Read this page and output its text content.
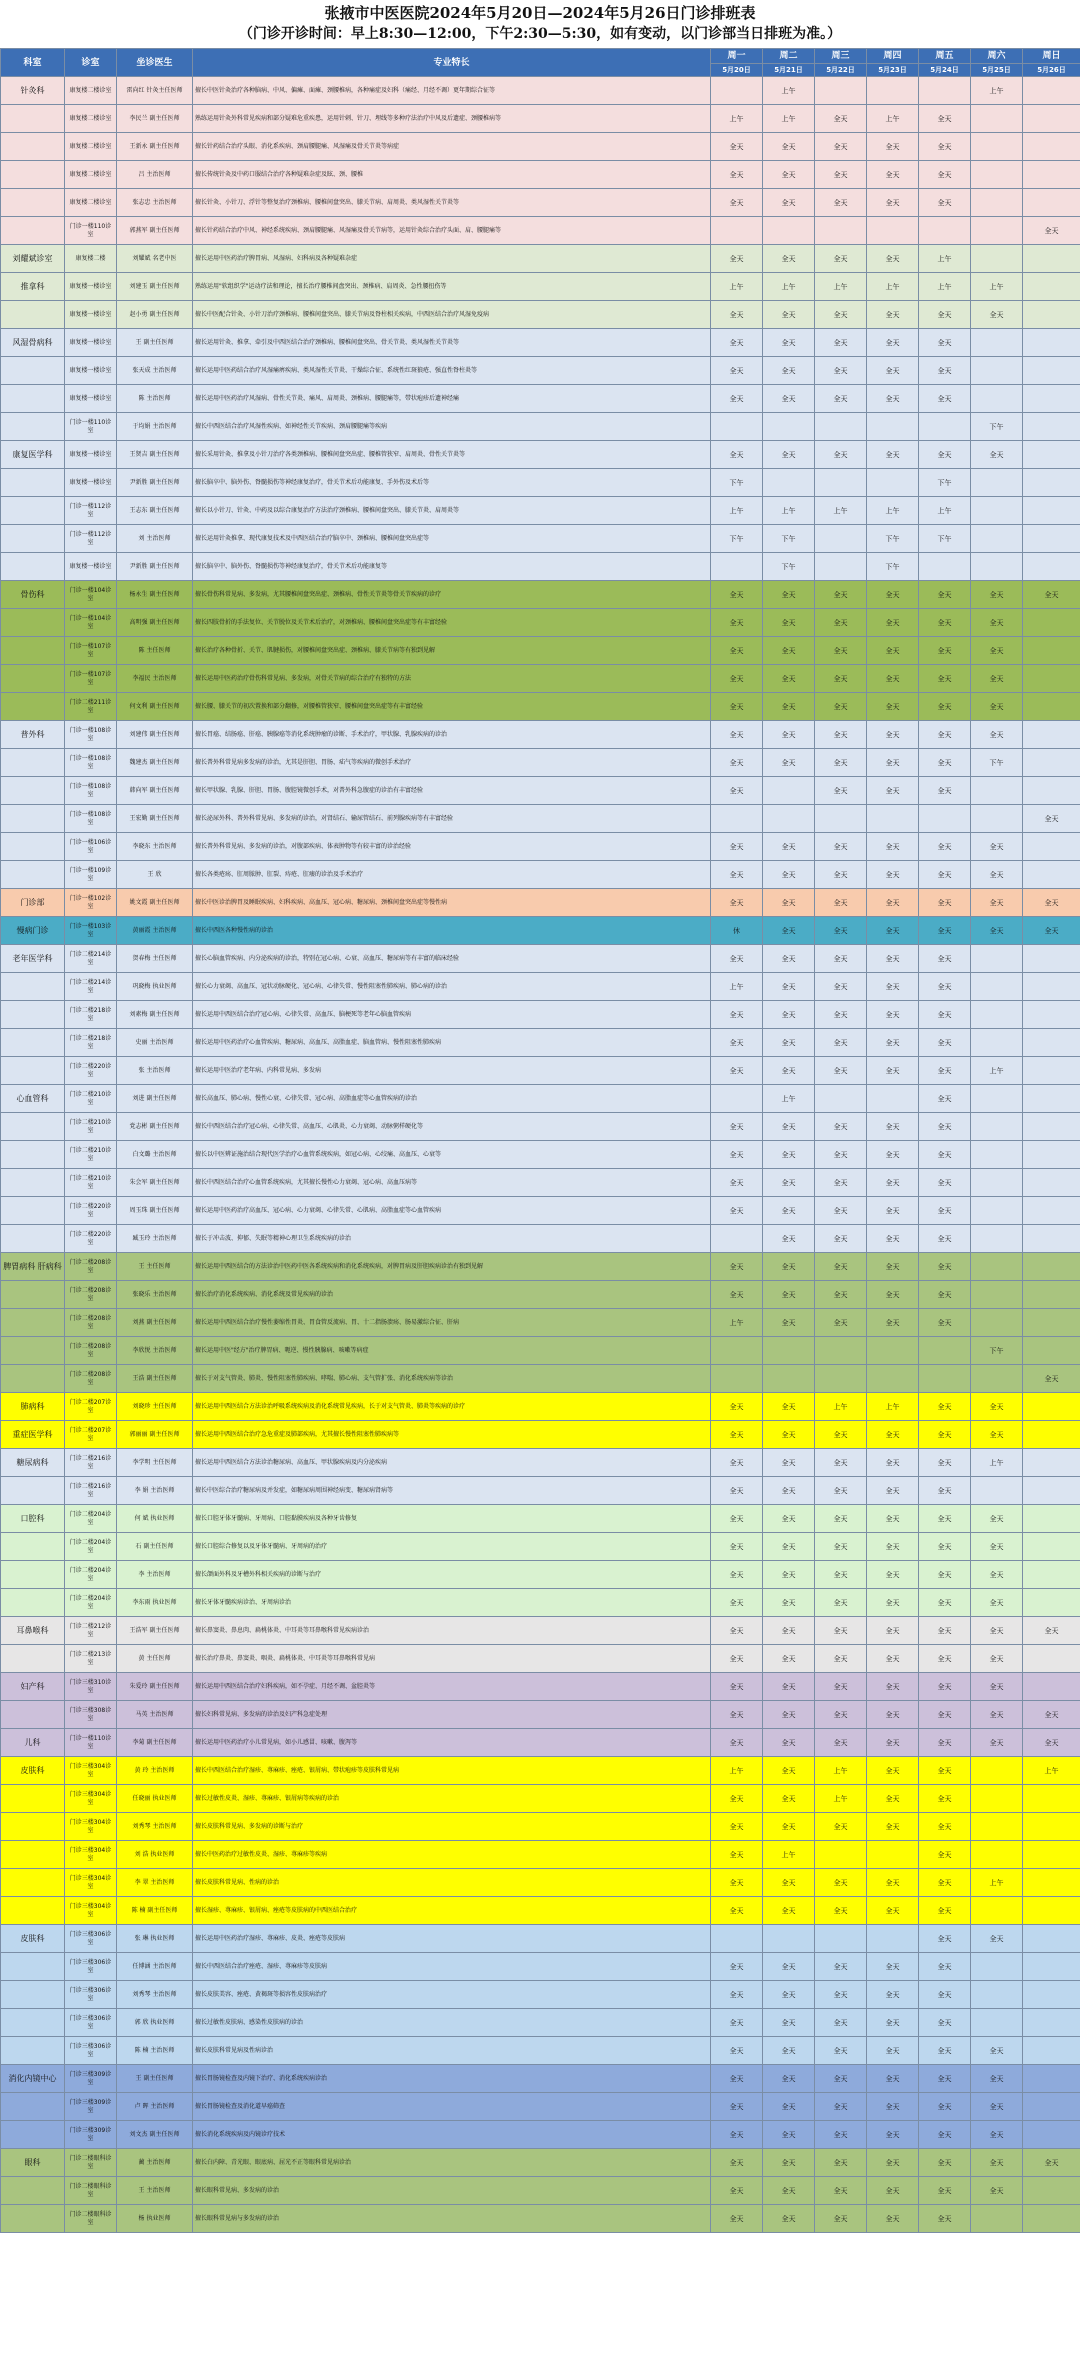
张掖市中医医院2024年5月20日—2024年5月26日门诊排班表
（门诊开诊时间：早上8:30—12:00，下午2:30—5:30，如有变动，以门诊部当日排班为准。）
科室	诊室	坐诊医生	专业特长	周一	周二	周三	周四	周五	周六	周日
				5月20日	5月21日	5月22日	5月23日	5月24日	5月25日	5月26日
针灸科	康复楼二楼诊室	雷向红 针灸主任医师	擅长中医针灸治疗各种脑病、中风、偏瘫、面瘫、颈腰椎病，各种痛症及妇科（痛经、月经不调）更年期综合征等		上午				上午	
	康复楼二楼诊室	李民兰 副主任医师	熟练运用针灸外科常见疾病和部分疑难危重疾患，运用针刺、针刀、埋线等多种疗法治疗中风及后遗症、颈腰椎病等	上午	上午	全天	上午	全天		
	康复楼二楼诊室	王新永 副主任医师	擅长针药结合治疗头眼、消化系疾病、颈肩腰腿痛、风湿痛及骨关节炎等病症	全天	全天	全天	全天	全天		
	康复楼二楼诊室	吕 主治医师	擅长传统针灸及中药口服结合治疗各种疑难杂症及眩、颈、腰椎	全天	全天	全天	全天	全天		
	康复楼二楼诊室	张志忠 主治医师	擅长针灸、小针刀、浮针等整复治疗颈椎病、腰椎间盘突出、膝关节病、肩周炎、类风湿性关节炎等	全天	全天	全天	全天	全天		
	门诊一楼110诊室	郭燕军 副主任医师	擅长针药结合治疗中风、神经系统疾病、颈肩腰腿痛、风湿痛及骨关节病等，运用针灸综合治疗头面、肩、腰腿痛等							全天
刘耀斌诊室	康复楼二楼	刘耀斌 名老中医	擅长运用中医药治疗脾胃病、风湿病、妇科病及各种疑难杂症	全天	全天	全天	全天	上午		
推拿科	康复楼一楼诊室	刘建玉 副主任医师	熟练运用"软组织学"运动疗法和理论，擅长治疗腰椎间盘突出、颈椎病、肩周炎、急性腰扭伤等	上午	上午	上午	上午	上午	上午	
	康复楼一楼诊室	赵小勇 副主任医师	擅长中医配合针灸、小针刀治疗颈椎病、腰椎间盘突出、膝关节病及脊柱相关疾病，中西医结合治疗风湿免疫病	全天	全天	全天	全天	全天	全天	
风湿骨病科	康复楼一楼诊室	王 副主任医师	擅长运用针灸、推拿、牵引及中西医结合治疗颈椎病、腰椎间盘突出、骨关节炎、类风湿性关节炎等	全天	全天	全天	全天	全天		
	康复楼一楼诊室	张天成 主治医师	擅长运用中医药结合治疗风湿痛痹疾病、类风湿性关节炎、干燥综合征、系统性红斑狼疮、强直性脊柱炎等	全天	全天	全天	全天	全天		
	康复楼一楼诊室	陈 主治医师	擅长运用中医药治疗风湿病、骨性关节炎、痛风、肩周炎、颈椎病、腰腿痛等，带状疱疹后遗神经痛	全天	全天	全天	全天	全天		
	门诊一楼110诊室	于均娟 主治医师	擅长中西医结合治疗风湿性疾病、如神经性关节疾病、颈肩腰腿痛等疾病						下午	
康复医学科	康复楼一楼诊室	王贤吉 副主任医师	擅长采用针灸、推拿及小针刀治疗各类颈椎病、腰椎间盘突出症、腰椎管狭窄、肩周炎、骨性关节炎等	全天	全天	全天	全天	全天	全天	
	康复楼一楼诊室	尹新胜 副主任医师	擅长脑卒中、脑外伤、脊髓损伤等神经康复治疗，骨关节术后功能康复、手外伤及术后等	下午				下午		
	门诊一楼112诊室	王志东 副主任医师	擅长以小针刀、针灸、中药及以综合康复治疗方法治疗颈椎病、腰椎间盘突出、膝关节炎、肩周炎等	上午	上午	上午	上午	上午		
	门诊一楼112诊室	刘 主治医师	擅长运用针灸推拿、现代康复技术及中西医结合治疗脑卒中、颈椎病、腰椎间盘突出症等	下午	下午		下午	下午		
	康复楼一楼诊室	尹新胜 副主任医师	擅长脑卒中、脑外伤、脊髓损伤等神经康复治疗，骨关节术后功能康复等		下午		下午			
骨伤科	门诊一楼104诊室	杨永生 副主任医师	擅长骨伤科常见病、多发病，尤其腰椎间盘突出症、颈椎病、骨性关节炎等骨关节疾病的诊疗	全天	全天	全天	全天	全天	全天	全天
	门诊一楼104诊室	高明强 副主任医师	擅长四肢骨折的手法复位、关节脱位及关节术后治疗，对颈椎病、腰椎间盘突出症等有丰富经验	全天	全天	全天	全天	全天	全天	
	门诊一楼107诊室	陈 主任医师	擅长治疗各种骨折、关节、肌腱损伤，对腰椎间盘突出症、颈椎病、膝关节病等有独到见解	全天	全天	全天	全天	全天	全天	
	门诊一楼107诊室	李福民 主治医师	擅长运用中医药治疗骨伤科常见病、多发病，对骨关节病的综合治疗有独特的方法	全天	全天	全天	全天	全天	全天	
	门诊二楼211诊室	何文利 副主任医师	擅长腰、膝关节的初次置换和部分翻修，对腰椎管狭窄、腰椎间盘突出症等有丰富经验	全天	全天	全天	全天	全天	全天	
普外科	门诊一楼108诊室	刘建伟 副主任医师	擅长胃癌、结肠癌、肝癌、胰腺癌等消化系统肿瘤的诊断、手术治疗，甲状腺、乳腺疾病的诊治	全天	全天	全天	全天	全天	全天	
	门诊一楼108诊室	魏建杰 副主任医师	擅长普外科常见病多发病的诊治，尤其是肝胆、胃肠、疝气等疾病的微创手术治疗	全天	全天	全天	全天	全天	下午	
	门诊一楼108诊室	韩向军 副主任医师	擅长甲状腺、乳腺、肝胆、胃肠、腹腔镜微创手术，对普外科急腹症的诊治有丰富经验	全天		全天	全天	全天		
	门诊一楼108诊室	王宏勤 副主任医师	擅长泌尿外科、普外科常见病、多发病的诊治，对肾结石、输尿管结石、前列腺疾病等有丰富经验							全天
	门诊一楼106诊室	李晓东 主治医师	擅长普外科常见病、多发病的诊治，对腹部疾病、体表肿物等有较丰富的诊治经验	全天	全天	全天	全天	全天	全天	
	门诊一楼109诊室	王 欣	擅长各类疮疡、肛周脓肿、肛裂、痔疮、肛瘘的诊治及手术治疗	全天	全天	全天	全天	全天	全天	
门诊部	门诊一楼102诊室	姚文霞 副主任医师	擅长中医诊治脾胃及睡眠疾病、妇科疾病、高血压、冠心病、糖尿病、颈椎间盘突出症等慢性病	全天	全天	全天	全天	全天	全天	全天
慢病门诊	门诊一楼103诊室	黄丽霞 主治医师	擅长中西医各种慢性病的诊治	休	全天	全天	全天	全天	全天	全天
老年医学科	门诊二楼214诊室	贺春梅 主任医师	擅长心脑血管疾病、内分泌疾病的诊治，特别在冠心病、心衰、高血压、糖尿病等有丰富的临床经验	全天	全天	全天	全天	全天		
	门诊二楼214诊室	巩晓梅 执业医师	擅长心力衰竭、高血压、冠状动脉硬化、冠心病、心律失常、慢性阻塞性肺疾病、肺心病的诊治	上午	全天	全天	全天	全天		
	门诊二楼218诊室	刘素梅 副主任医师	擅长运用中西医结合治疗冠心病、心律失常、高血压、脑梗死等老年心脑血管疾病	全天	全天	全天	全天	全天		
	门诊二楼218诊室	史丽 主治医师	擅长运用中医药治疗心血管疾病、糖尿病、高血压、高脂血症、脑血管病、慢性阻塞性肺疾病	全天	全天	全天	全天	全天		
	门诊二楼220诊室	张 主治医师	擅长运用中医治疗老年病、内科常见病、多发病	全天	全天	全天	全天	全天	上午	
心血管科	门诊二楼210诊室	刘进 副主任医师	擅长高血压、肺心病、慢性心衰、心律失常、冠心病、高脂血症等心血管疾病的诊治		上午			全天		
	门诊二楼210诊室	党志彬 副主任医师	擅长中西医结合治疗冠心病、心律失常、高血压、心肌炎、心力衰竭、动脉粥样硬化等	全天	全天	全天	全天	全天		
	门诊二楼210诊室	白文璐 主治医师	擅长以中医辨证施治结合现代医学治疗心血管系统疾病，如冠心病、心绞痛、高血压、心衰等	全天	全天	全天	全天	全天		
	门诊二楼210诊室	朱会军 副主任医师	擅长中西医结合治疗心血管系统疾病，尤其擅长慢性心力衰竭、冠心病、高血压病等	全天	全天	全天	全天	全天		
	门诊二楼220诊室	周玉珠 副主任医师	擅长运用中医药治疗高血压、冠心病、心力衰竭、心律失常、心肌病、高脂血症等心血管疾病	全天	全天	全天	全天	全天		
	门诊二楼220诊室	臧玉玲 主治医师	擅长于冲击波、抑郁、失眠等精神心理卫生系统疾病的诊治		全天	全天	全天	全天		
脾胃病科 肝病科	门诊二楼208诊室	王 主任医师	擅长运用中西医结合的方法诊治中医药中医各系统疾病和消化系统疾病，对脾胃病及肝胆疾病诊治有独到见解	全天	全天	全天	全天	全天		
	门诊二楼208诊室	张晓乐 主治医师	擅长治疗消化系统疾病、消化系统及常见疾病的诊治	全天	全天	全天	全天	全天		
	门诊二楼208诊室	刘燕 副主任医师	擅长运用中西医结合治疗慢性萎缩性胃炎、胃食管反流病、胃、十二指肠溃疡、肠易激综合征、肝病	上午	全天	全天	全天	全天		
	门诊二楼208诊室	李欣悦 主治医师	擅长运用中医"经方"治疗脾胃病、呃逆、慢性胰腺病、咳嗽等病症						下午	
	门诊二楼208诊室	王浩 副主任医师	擅长于对支气管炎、肺炎、慢性阻塞性肺疾病、哮喘、肺心病、支气管扩张、消化系统疾病等诊治							全天
肺病科	门诊二楼207诊室	刘晓珍 主任医师	擅长运用中西医结合方法诊治呼吸系统疾病及消化系统常见疾病，长于对支气管炎、肺炎等疾病的诊疗	全天	全天	上午	上午	全天	全天	
重症医学科	门诊二楼207诊室	郭丽丽 副主任医师	擅长运用中西医结合治疗急危重症及肺部疾病，尤其擅长慢性阻塞性肺疾病等	全天	全天	全天	全天	全天	全天	
糖尿病科	门诊二楼216诊室	李学明 主任医师	擅长运用中西医结合方法诊治糖尿病、高血压、甲状腺疾病及内分泌疾病	全天	全天	全天	全天	全天	上午	
	门诊二楼216诊室	李 娟 主治医师	擅长中医综合治疗糖尿病及并发症，如糖尿病周围神经病变、糖尿病肾病等	全天	全天	全天	全天	全天		
口腔科	门诊二楼204诊室	何 斌 执业医师	擅长口腔牙体牙髓病、牙周病、口腔黏膜疾病及各种牙齿修复	全天	全天	全天	全天	全天	全天	
	门诊二楼204诊室	石 副主任医师	擅长口腔综合修复以及牙体牙髓病、牙周病的治疗	全天	全天	全天	全天	全天	全天	
	门诊二楼204诊室	李 主治医师	擅长颌面外科及牙槽外科相关疾病的诊断与治疗	全天	全天	全天	全天	全天	全天	
	门诊二楼204诊室	李东雨 执业医师	擅长牙体牙髓疾病诊治、牙周病诊治	全天	全天	全天	全天	全天	全天	
耳鼻喉科	门诊二楼212诊室	王浩军 副主任医师	擅长鼻窦炎、鼻息肉、扁桃体炎、中耳炎等耳鼻喉科常见疾病诊治	全天	全天	全天	全天	全天	全天	全天
	门诊二楼213诊室	黄 主任医师	擅长治疗鼻炎、鼻窦炎、咽炎、扁桃体炎、中耳炎等耳鼻喉科常见病	全天	全天	全天	全天	全天	全天	
妇产科	门诊三楼310诊室	朱爱玲 副主任医师	擅长运用中西医结合治疗妇科疾病，如不孕症、月经不调、盆腔炎等	全天	全天	全天	全天	全天	全天	
	门诊三楼308诊室	马英 主治医师	擅长妇科常见病、多发病的诊治及妇产科急症处理	全天	全天	全天	全天	全天	全天	全天
儿科	门诊一楼110诊室	李菊 副主任医师	擅长运用中医药治疗小儿常见病，如小儿感冒、咳嗽、腹泻等	全天	全天	全天	全天	全天	全天	全天
皮肤科	门诊三楼304诊室	黄 玲 主治医师	擅长中西医结合治疗湿疹、荨麻疹、痤疮、银屑病、带状疱疹等皮肤科常见病	上午	全天	上午	全天	全天		上午
	门诊三楼304诊室	任晓丽 执业医师	擅长过敏性皮炎、湿疹、荨麻疹、银屑病等疾病的诊治	全天	全天	上午	全天	全天		
	门诊三楼304诊室	刘秀琴 主治医师	擅长皮肤科常见病、多发病的诊断与治疗	全天	全天	全天	全天	全天		
	门诊三楼304诊室	刘 浩 执业医师	擅长中医药治疗过敏性皮炎、湿疹、荨麻疹等疾病	全天	上午			全天		
	门诊三楼304诊室	李 翠 主治医师	擅长皮肤科常见病、性病的诊治	全天	全天	全天	全天	全天	上午	
	门诊三楼304诊室	陈 楠 副主任医师	擅长湿疹、荨麻疹、银屑病、痤疮等皮肤病的中西医结合治疗	全天	全天	全天	全天	全天		
皮肤科	门诊三楼306诊室	张 琳 执业医师	擅长运用中医药治疗湿疹、荨麻疹、皮炎、痤疮等皮肤病					全天	全天	
	门诊三楼306诊室	任博涵 主治医师	擅长中西医结合治疗痤疮、湿疹、荨麻疹等皮肤病	全天	全天	全天	全天	全天		
	门诊三楼306诊室	刘秀琴 主治医师	擅长皮肤美容、痤疮、黄褐斑等损容性皮肤病治疗	全天	全天	全天	全天	全天		
	门诊三楼306诊室	郭 欣 执业医师	擅长过敏性皮肤病、感染性皮肤病的诊治	全天	全天	全天	全天	全天		
	门诊三楼306诊室	陈 楠 主治医师	擅长皮肤科常见病及性病诊治	全天	全天	全天	全天	全天	全天	
消化内镜中心	门诊三楼309诊室	王 副主任医师	擅长胃肠镜检查及内镜下治疗、消化系统疾病诊治	全天	全天	全天	全天	全天	全天	
	门诊三楼309诊室	卢 晖 主治医师	擅长胃肠镜检查及消化道早癌筛查	全天	全天	全天	全天	全天	全天	
	门诊三楼309诊室	刘文杰 副主任医师	擅长消化系统疾病及内镜诊疗技术	全天	全天	全天	全天	全天	全天	
眼科	门诊二楼眼科诊室	蔺 主治医师	擅长白内障、青光眼、眼底病、屈光不正等眼科常见病诊治	全天	全天	全天	全天	全天	全天	全天
	门诊二楼眼科诊室	王 主治医师	擅长眼科常见病、多发病的诊治	全天	全天	全天	全天	全天	全天	
	门诊二楼眼科诊室	杨 执业医师	擅长眼科常见病与多发病的诊治	全天	全天	全天	全天	全天		
